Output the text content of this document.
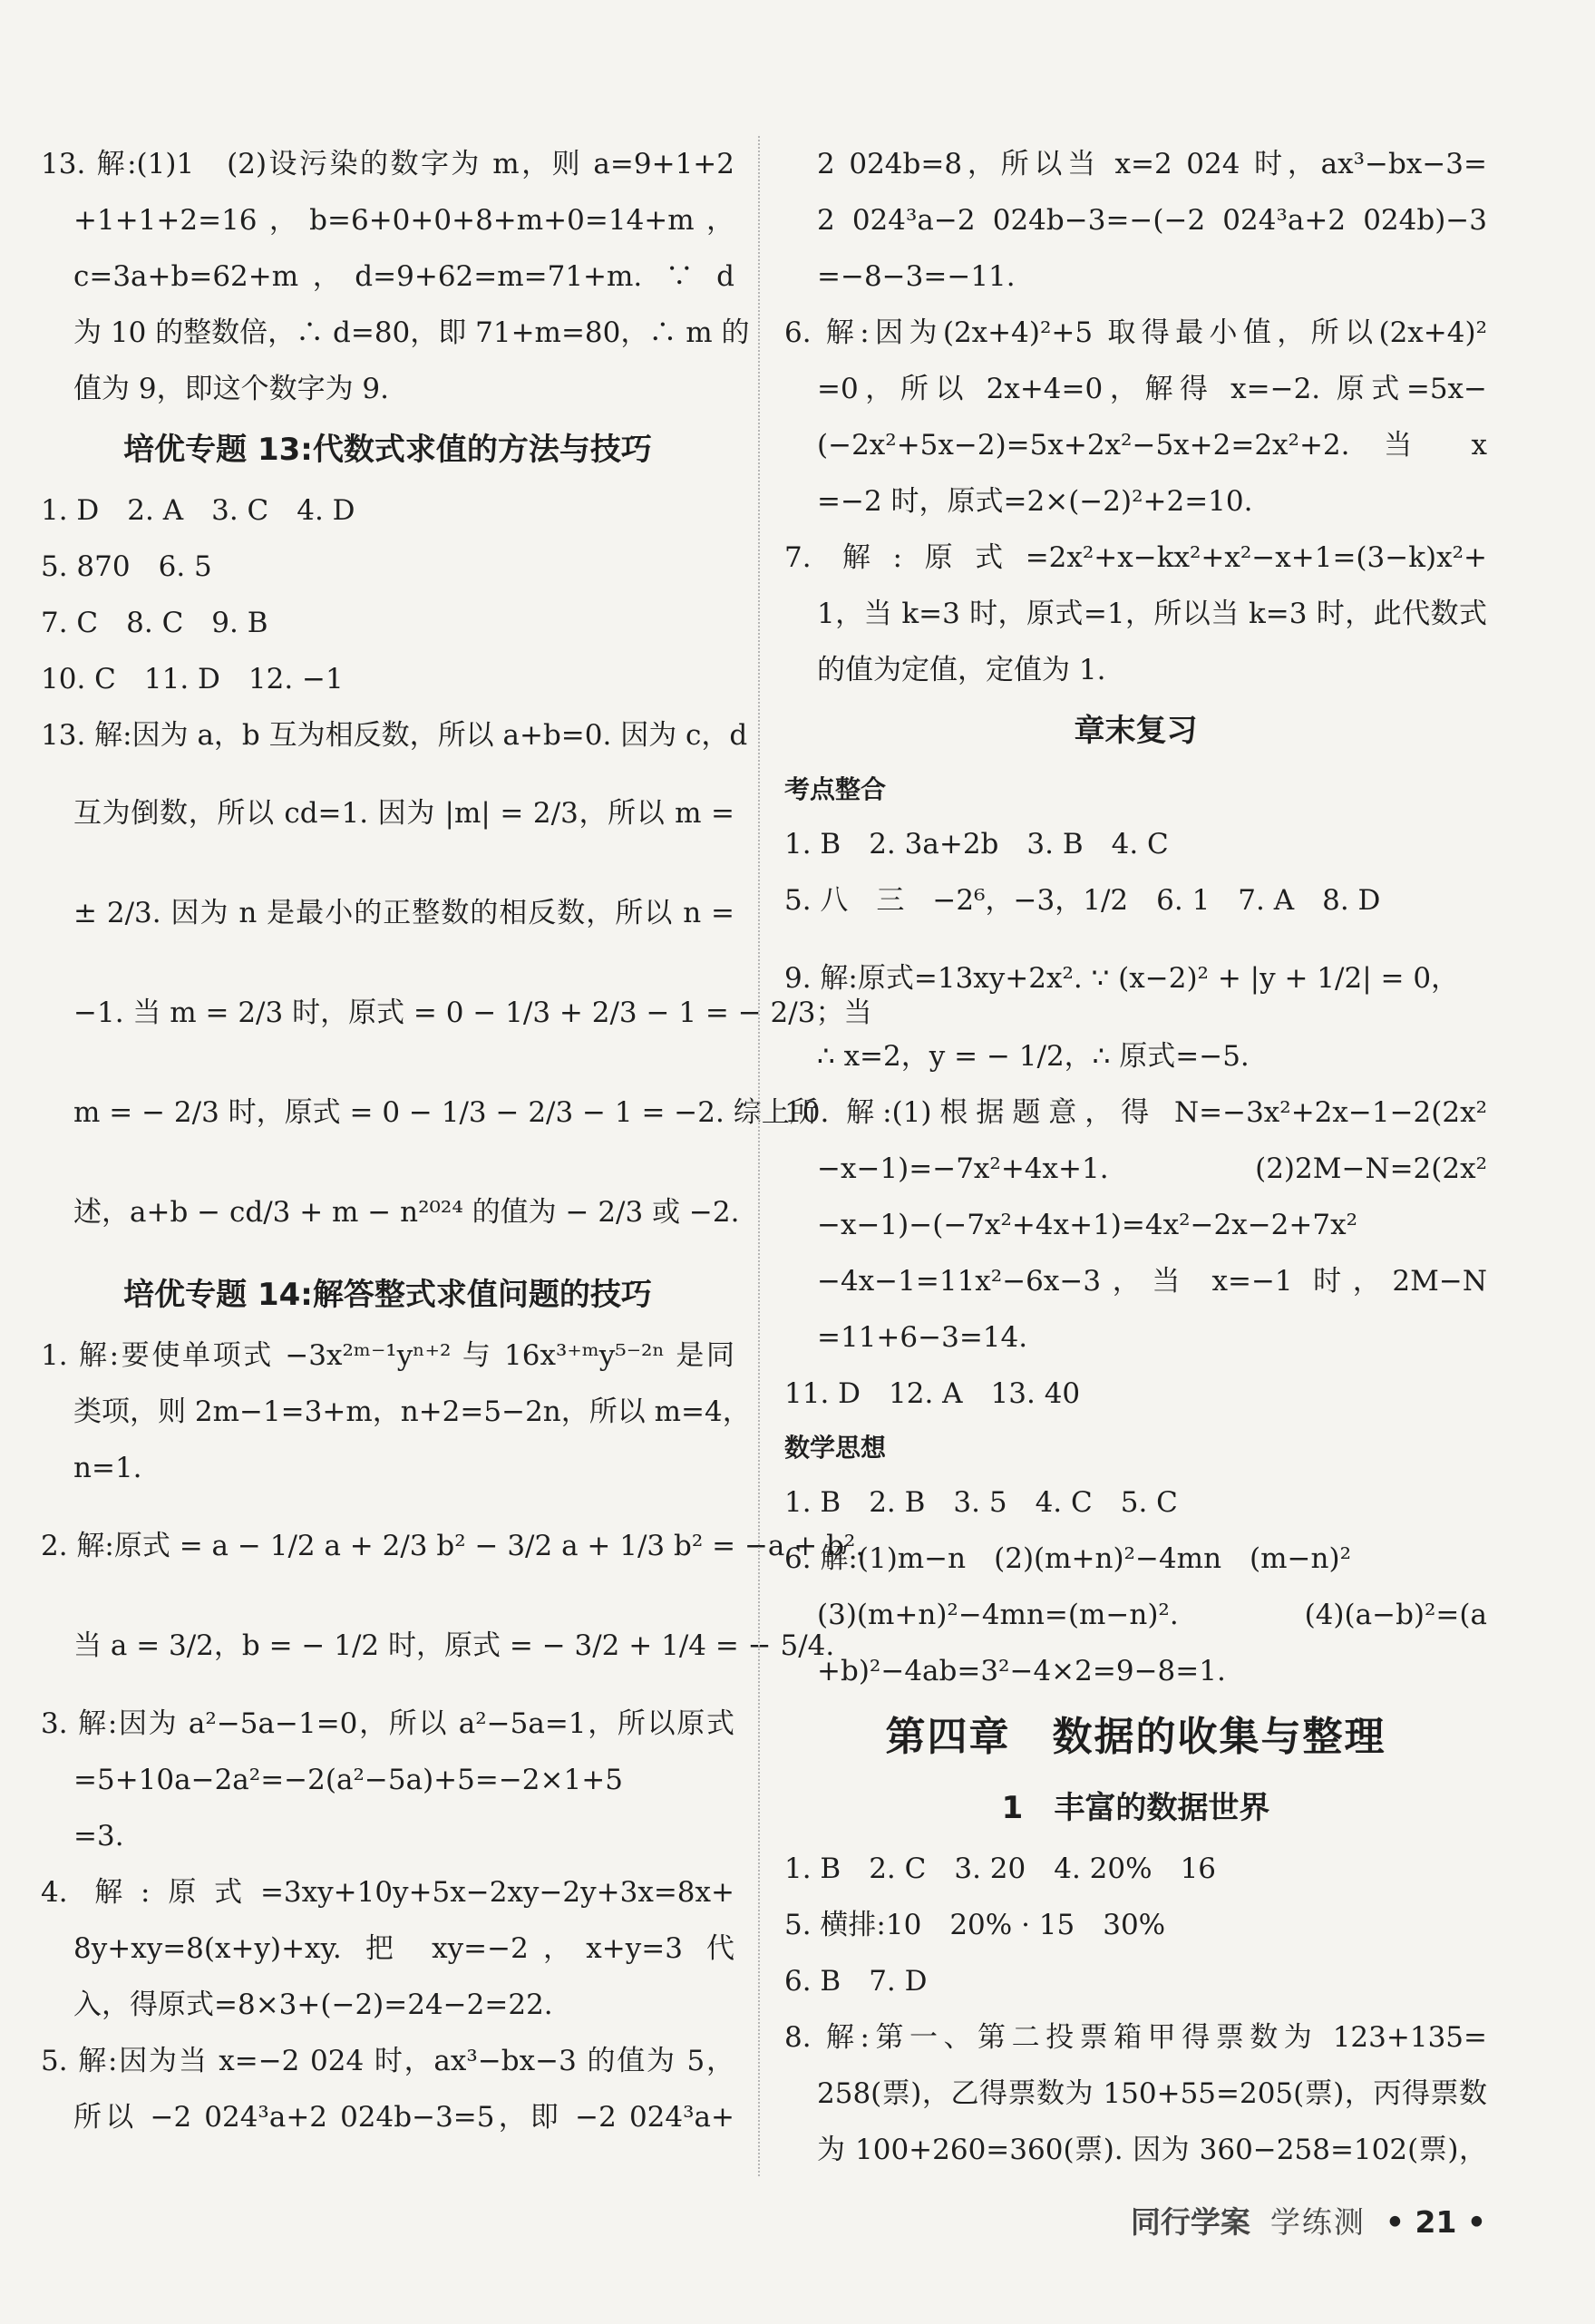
13. 解:(1)1　(2)设污染的数字为 m，则 a=9+1+2
+1+1+2=16，b=6+0+0+8+m+0=14+m，
c=3a+b=62+m，d=9+62=m=71+m. ∵ d
为 10 的整数倍，∴ d=80，即 71+m=80，∴ m 的
值为 9，即这个数字为 9.
培优专题 13:代数式求值的方法与技巧
1. D　2. A　3. C　4. D
5. 870　6. 5
7. C　8. C　9. B
10. C　11. D　12. −1
13. 解:因为 a，b 互为相反数，所以 a+b=0. 因为 c，d
互为倒数，所以 cd=1. 因为 |m| = 2/3，所以 m =
± 2/3. 因为 n 是最小的正整数的相反数，所以 n =
−1. 当 m = 2/3 时，原式 = 0 − 1/3 + 2/3 − 1 = − 2/3；当
m = − 2/3 时，原式 = 0 − 1/3 − 2/3 − 1 = −2. 综上所
述，a+b − cd/3 + m − n²⁰²⁴ 的值为 − 2/3 或 −2.
培优专题 14:解答整式求值问题的技巧
1. 解:要使单项式 −3x²ᵐ⁻¹yⁿ⁺² 与 16x³⁺ᵐy⁵⁻²ⁿ 是同
类项，则 2m−1=3+m，n+2=5−2n，所以 m=4，
n=1.
2. 解:原式 = a − 1/2 a + 2/3 b² − 3/2 a + 1/3 b² = −a + b².
当 a = 3/2，b = − 1/2 时，原式 = − 3/2 + 1/4 = − 5/4.
3. 解:因为 a²−5a−1=0，所以 a²−5a=1，所以原式
=5+10a−2a²=−2(a²−5a)+5=−2×1+5
=3.
4. 解:原式=3xy+10y+5x−2xy−2y+3x=8x+
8y+xy=8(x+y)+xy. 把 xy=−2，x+y=3 代
入，得原式=8×3+(−2)=24−2=22.
5. 解:因为当 x=−2 024 时，ax³−bx−3 的值为 5，
所以 −2 024³a+2 024b−3=5，即 −2 024³a+
2 024b=8，所以当 x=2 024 时，ax³−bx−3=
2 024³a−2 024b−3=−(−2 024³a+2 024b)−3
=−8−3=−11.
6. 解:因为(2x+4)²+5 取得最小值，所以(2x+4)²
=0，所以 2x+4=0，解得 x=−2. 原式=5x−
(−2x²+5x−2)=5x+2x²−5x+2=2x²+2. 当 x
=−2 时，原式=2×(−2)²+2=10.
7. 解:原式=2x²+x−kx²+x²−x+1=(3−k)x²+
1，当 k=3 时，原式=1，所以当 k=3 时，此代数式
的值为定值，定值为 1.
章末复习
考点整合
1. B　2. 3a+2b　3. B　4. C
5. 八　三　−2⁶，−3，1/2　6. 1　7. A　8. D
9. 解:原式=13xy+2x². ∵ (x−2)² + |y + 1/2| = 0，
∴ x=2，y = − 1/2，∴ 原式=−5.
10. 解:(1)根据题意，得 N=−3x²+2x−1−2(2x²
−x−1)=−7x²+4x+1.　(2)2M−N=2(2x²
−x−1)−(−7x²+4x+1)=4x²−2x−2+7x²
−4x−1=11x²−6x−3，当 x=−1 时，2M−N
=11+6−3=14.
11. D　12. A　13. 40
数学思想
1. B　2. B　3. 5　4. C　5. C
6. 解:(1)m−n　(2)(m+n)²−4mn　(m−n)²
(3)(m+n)²−4mn=(m−n)².　(4)(a−b)²=(a
+b)²−4ab=3²−4×2=9−8=1.
第四章　数据的收集与整理
1　丰富的数据世界
1. B　2. C　3. 20　4. 20%　16
5. 横排:10　20% · 15　30%
6. B　7. D
8. 解:第一、第二投票箱甲得票数为 123+135=
258(票)，乙得票数为 150+55=205(票)，丙得票数
为 100+260=360(票). 因为 360−258=102(票)，
同行学案 学练测 • 21 •
